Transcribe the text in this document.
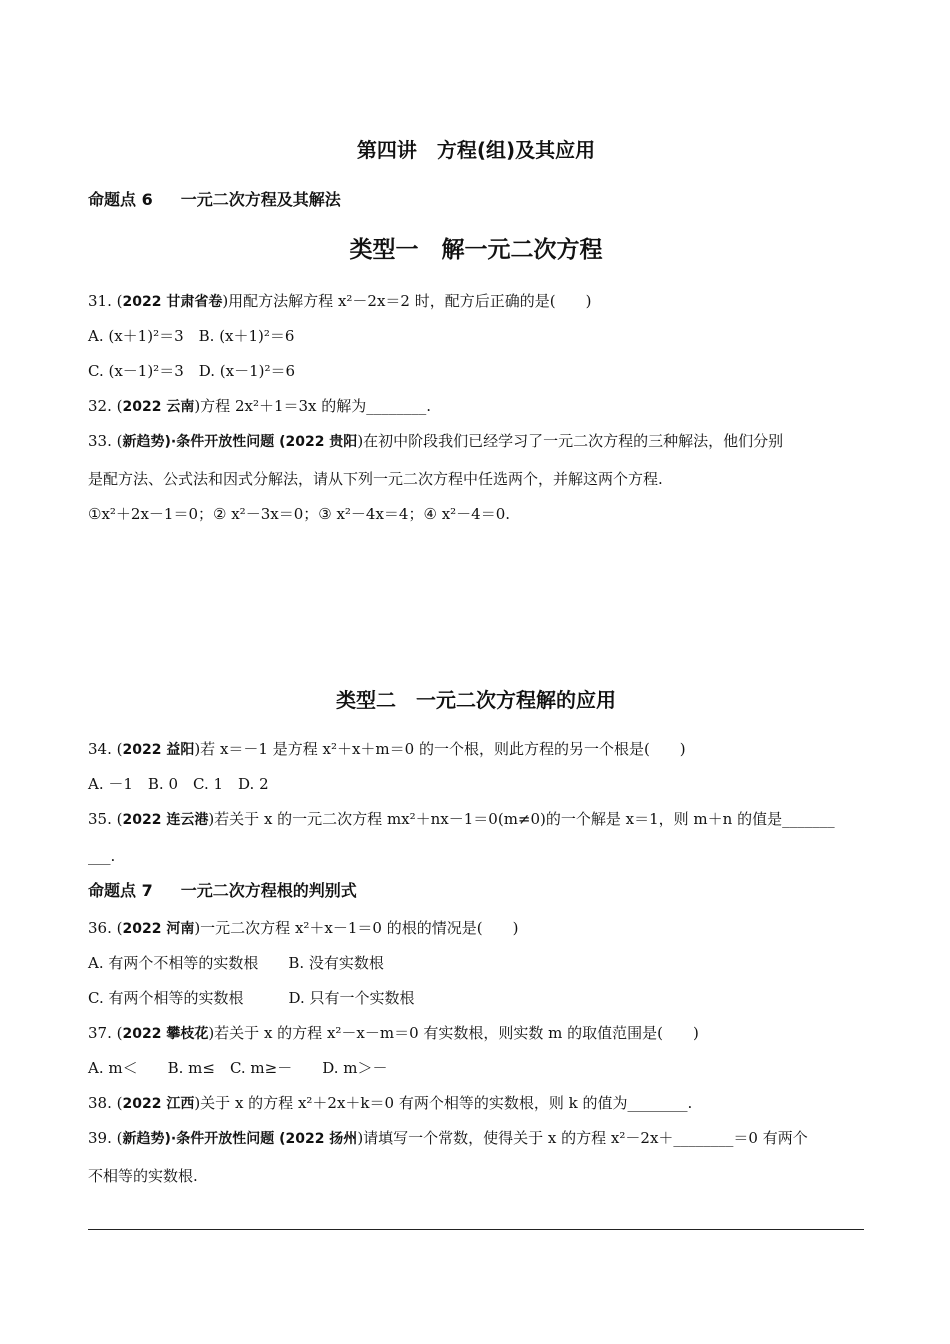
第四讲　方程(组)及其应用
命题点 6 一元二次方程及其解法
类型一　解一元二次方程
31. (2022 甘肃省卷)用配方法解方程 x²－2x＝2 时，配方后正确的是(　　)
A. (x＋1)²＝3　B. (x＋1)²＝6
C. (x－1)²＝3　D. (x－1)²＝6
32. (2022 云南)方程 2x²＋1＝3x 的解为________.
33. (新趋势)·条件开放性问题 (2022 贵阳)在初中阶段我们已经学习了一元二次方程的三种解法，他们分别
是配方法、公式法和因式分解法，请从下列一元二次方程中任选两个，并解这两个方程.
①x²＋2x－1＝0；② x²－3x＝0；③ x²－4x＝4；④ x²－4＝0.
类型二　一元二次方程解的应用
34. (2022 益阳)若 x＝－1 是方程 x²＋x＋m＝0 的一个根，则此方程的另一个根是(　　)
A. －1　B. 0　C. 1　D. 2
35. (2022 连云港)若关于 x 的一元二次方程 mx²＋nx－1＝0(m≠0)的一个解是 x＝1，则 m＋n 的值是_______
___.
命题点 7 一元二次方程根的判别式
36. (2022 河南)一元二次方程 x²＋x－1＝0 的根的情况是(　　)
A. 有两个不相等的实数根　　B. 没有实数根
C. 有两个相等的实数根　　　D. 只有一个实数根
37. (2022 攀枝花)若关于 x 的方程 x²－x－m＝0 有实数根，则实数 m 的取值范围是(　　)
A. m＜　　B. m≤　C. m≥－　　D. m＞－
38. (2022 江西)关于 x 的方程 x²＋2x＋k＝0 有两个相等的实数根，则 k 的值为________.
39. (新趋势)·条件开放性问题 (2022 扬州)请填写一个常数，使得关于 x 的方程 x²－2x＋________＝0 有两个
不相等的实数根.
